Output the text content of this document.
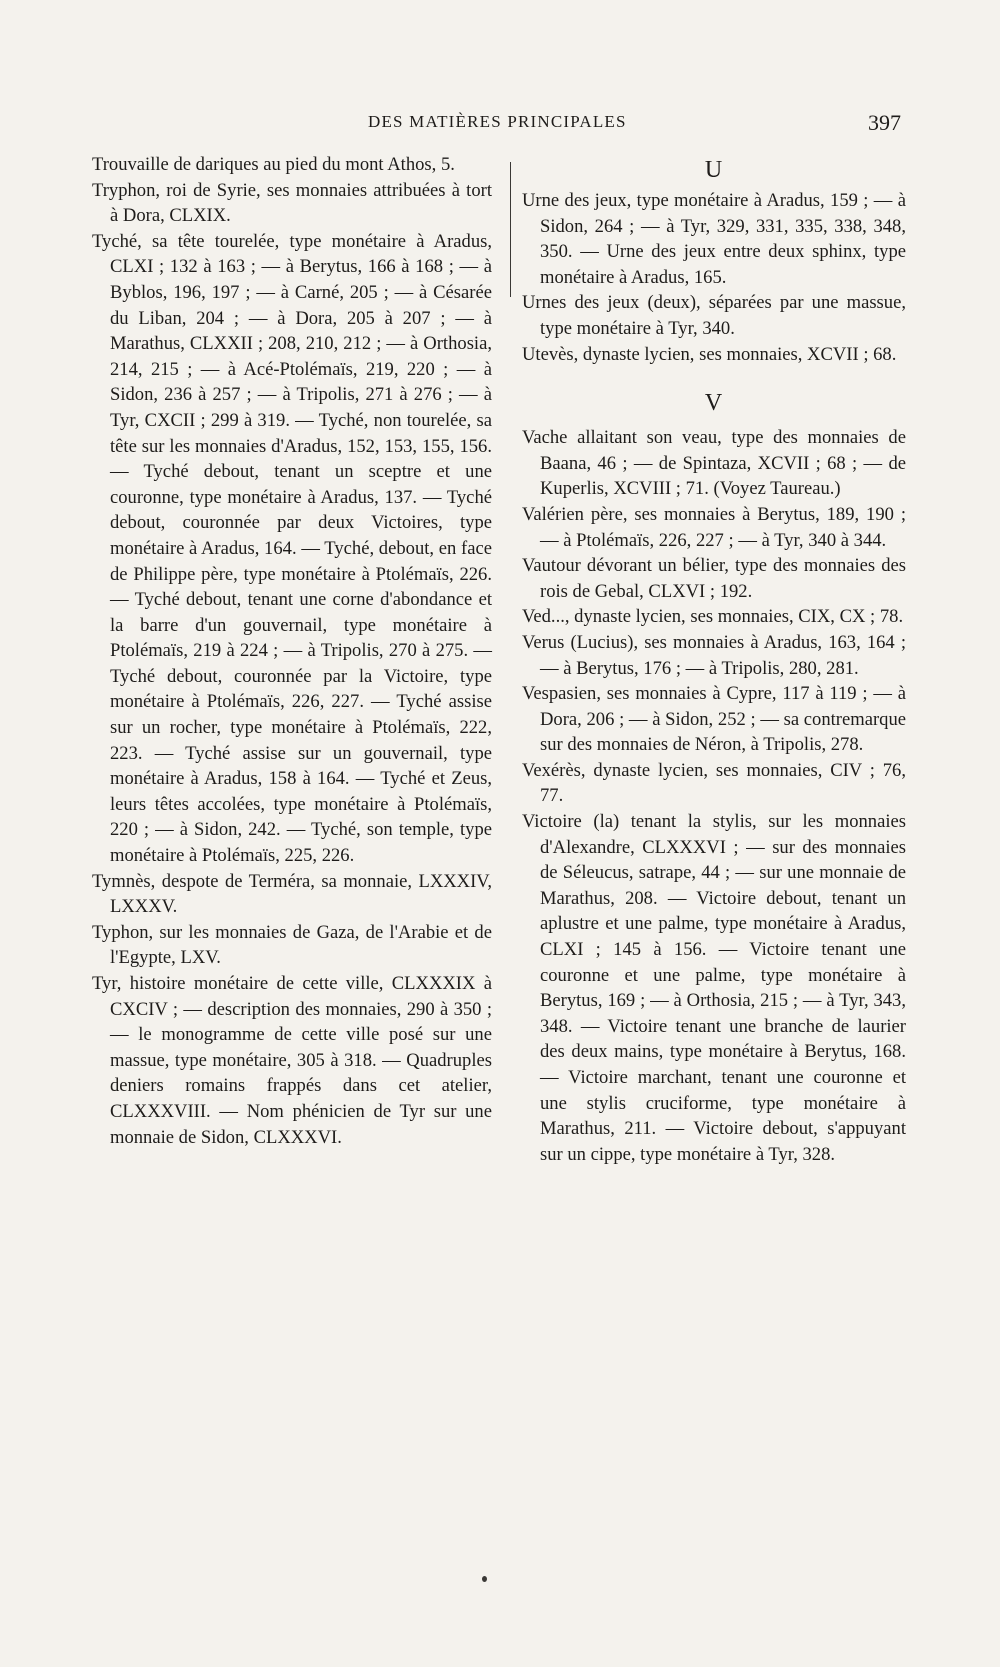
DES MATIÈRES PRINCIPALES	397

Trouvaille de dariques au pied du mont Athos, 5.

Tryphon, roi de Syrie, ses monnaies attribuées à tort à Dora, CLXIX.

Tyché, sa tête tourelée, type monétaire à Aradus, CLXI ; 132 à 163 ; — à Berytus, 166 à 168 ; — à Byblos, 196, 197 ; — à Carné, 205 ; — à Césarée du Liban, 204 ; — à Dora, 205 à 207 ; — à Marathus, CLXXII ; 208, 210, 212 ; — à Orthosia, 214, 215 ; — à Acé-Ptolémaïs, 219, 220 ; — à Sidon, 236 à 257 ; — à Tripolis, 271 à 276 ; — à Tyr, CXCII ; 299 à 319. — Tyché, non tourelée, sa tête sur les monnaies d'Aradus, 152, 153, 155, 156. — Tyché debout, tenant un sceptre et une couronne, type monétaire à Aradus, 137. — Tyché debout, couronnée par deux Victoires, type monétaire à Aradus, 164. — Tyché, debout, en face de Philippe père, type monétaire à Ptolémaïs, 226. — Tyché debout, tenant une corne d'abondance et la barre d'un gouvernail, type monétaire à Ptolémaïs, 219 à 224 ; — à Tripolis, 270 à 275. — Tyché debout, couronnée par la Victoire, type monétaire à Ptolémaïs, 226, 227. — Tyché assise sur un rocher, type monétaire à Ptolémaïs, 222, 223. — Tyché assise sur un gouvernail, type monétaire à Aradus, 158 à 164. — Tyché et Zeus, leurs têtes accolées, type monétaire à Ptolémaïs, 220 ; — à Sidon, 242. — Tyché, son temple, type monétaire à Ptolémaïs, 225, 226.

Tymnès, despote de Terméra, sa monnaie, LXXXIV, LXXXV.

Typhon, sur les monnaies de Gaza, de l'Arabie et de l'Egypte, LXV.

Tyr, histoire monétaire de cette ville, CLXXXIX à CXCIV ; — description des monnaies, 290 à 350 ; — le monogramme de cette ville posé sur une massue, type monétaire, 305 à 318. — Quadruples deniers romains frappés dans cet atelier, CLXXXVIII. — Nom phénicien de Tyr sur une monnaie de Sidon, CLXXXVI.

U

Urne des jeux, type monétaire à Aradus, 159 ; — à Sidon, 264 ; — à Tyr, 329, 331, 335, 338, 348, 350. — Urne des jeux entre deux sphinx, type monétaire à Aradus, 165.

Urnes des jeux (deux), séparées par une massue, type monétaire à Tyr, 340.

Utevès, dynaste lycien, ses monnaies, XCVII ; 68.

V

Vache allaitant son veau, type des monnaies de Baana, 46 ; — de Spintaza, XCVII ; 68 ; — de Kuperlis, XCVIII ; 71. (Voyez Taureau.)

Valérien père, ses monnaies à Berytus, 189, 190 ; — à Ptolémaïs, 226, 227 ; — à Tyr, 340 à 344.

Vautour dévorant un bélier, type des monnaies des rois de Gebal, CLXVI ; 192.

Ved..., dynaste lycien, ses monnaies, CIX, CX ; 78.

Verus (Lucius), ses monnaies à Aradus, 163, 164 ; — à Berytus, 176 ; — à Tripolis, 280, 281.

Vespasien, ses monnaies à Cypre, 117 à 119 ; — à Dora, 206 ; — à Sidon, 252 ; — sa contremarque sur des monnaies de Néron, à Tripolis, 278.

Vexérès, dynaste lycien, ses monnaies, CIV ; 76, 77.

Victoire (la) tenant la stylis, sur les monnaies d'Alexandre, CLXXXVI ; — sur des monnaies de Séleucus, satrape, 44 ; — sur une monnaie de Marathus, 208. — Victoire debout, tenant un aplustre et une palme, type monétaire à Aradus, CLXI ; 145 à 156. — Victoire tenant une couronne et une palme, type monétaire à Berytus, 169 ; — à Orthosia, 215 ; — à Tyr, 343, 348. — Victoire tenant une branche de laurier des deux mains, type monétaire à Berytus, 168. — Victoire marchant, tenant une couronne et une stylis cruciforme, type monétaire à Marathus, 211. — Victoire debout, s'appuyant sur un cippe, type monétaire à Tyr, 328.
